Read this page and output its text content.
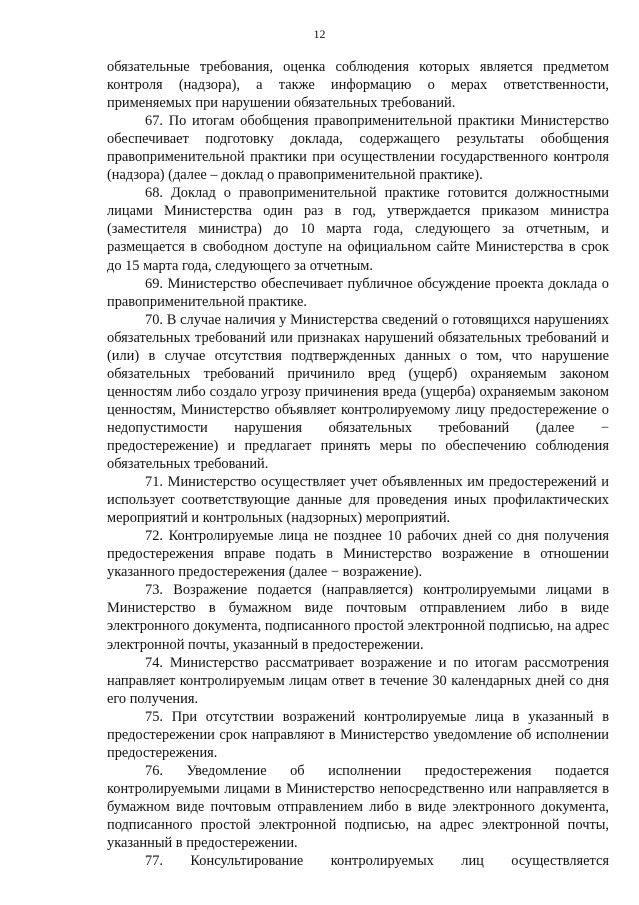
12

обязательные требования, оценка соблюдения которых является предметом контроля (надзора), а также информацию о мерах ответственности, применяемых при нарушении обязательных требований.

67. По итогам обобщения правоприменительной практики Министерство обеспечивает подготовку доклада, содержащего результаты обобщения правоприменительной практики при осуществлении государственного контроля (надзора) (далее – доклад о правоприменительной практике).

68. Доклад о правоприменительной практике готовится должностными лицами Министерства один раз в год, утверждается приказом министра (заместителя министра) до 10 марта года, следующего за отчетным, и размещается в свободном доступе на официальном сайте Министерства в срок до 15 марта года, следующего за отчетным.

69. Министерство обеспечивает публичное обсуждение проекта доклада о правоприменительной практике.

70. В случае наличия у Министерства сведений о готовящихся нарушениях обязательных требований или признаках нарушений обязательных требований и (или) в случае отсутствия подтвержденных данных о том, что нарушение обязательных требований причинило вред (ущерб) охраняемым законом ценностям либо создало угрозу причинения вреда (ущерба) охраняемым законом ценностям, Министерство объявляет контролируемому лицу предостережение о недопустимости нарушения обязательных требований (далее − предостережение) и предлагает принять меры по обеспечению соблюдения обязательных требований.

71. Министерство осуществляет учет объявленных им предостережений и использует соответствующие данные для проведения иных профилактических мероприятий и контрольных (надзорных) мероприятий.

72. Контролируемые лица не позднее 10 рабочих дней со дня получения предостережения вправе подать в Министерство возражение в отношении указанного предостережения (далее − возражение).

73. Возражение подается (направляется) контролируемыми лицами в Министерство в бумажном виде почтовым отправлением либо в виде электронного документа, подписанного простой электронной подписью, на адрес электронной почты, указанный в предостережении.

74. Министерство рассматривает возражение и по итогам рассмотрения направляет контролируемым лицам ответ в течение 30 календарных дней со дня его получения.

75. При отсутствии возражений контролируемые лица в указанный в предостережении срок направляют в Министерство уведомление об исполнении предостережения.

76. Уведомление об исполнении предостережения подается контролируемыми лицами в Министерство непосредственно или направляется в бумажном виде почтовым отправлением либо в виде электронного документа, подписанного простой электронной подписью, на адрес электронной почты, указанный в предостережении.

77. Консультирование контролируемых лиц осуществляется
